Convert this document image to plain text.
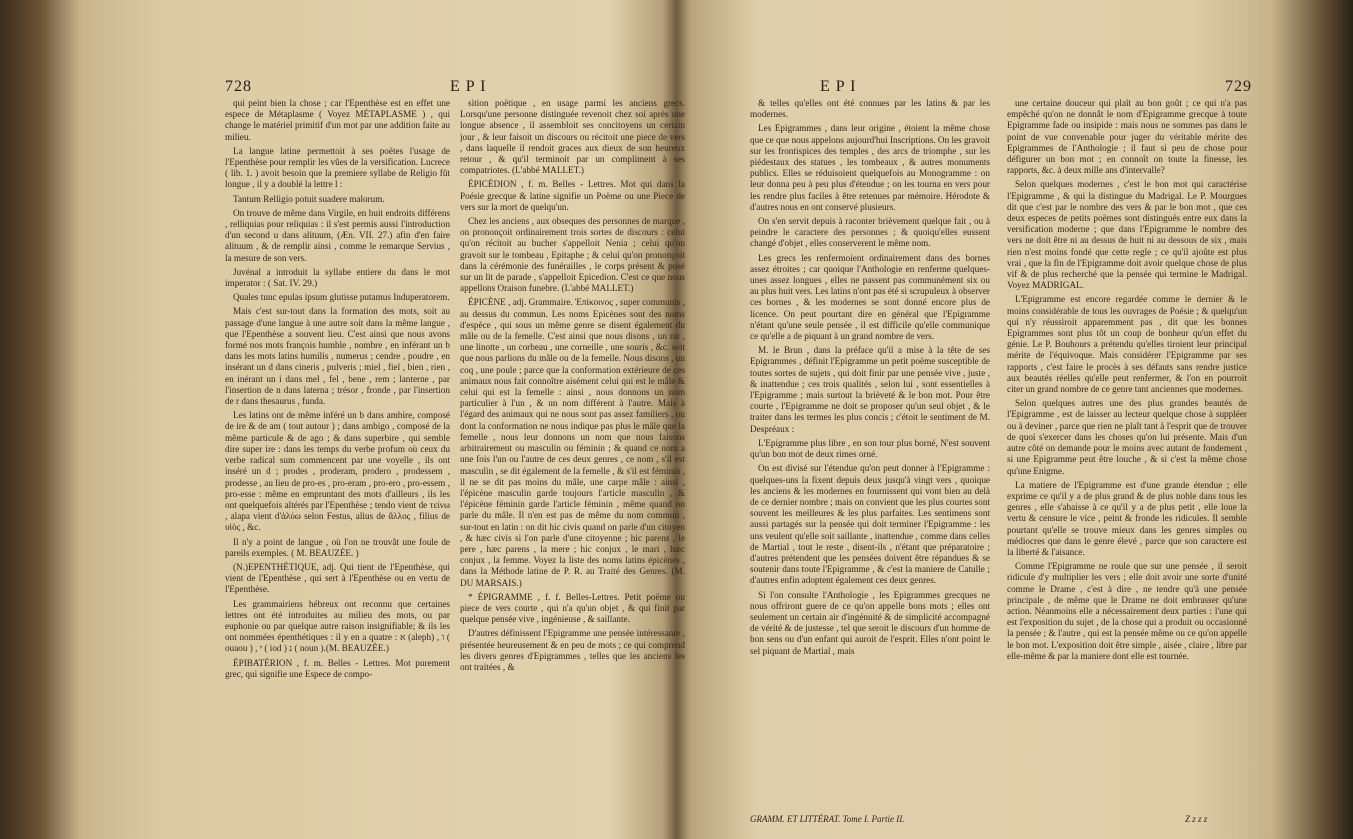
728	E P I

qui peint bien la chose ; car l'Epenthèse est en effet une espece de Métaplasme ( Voyez MÉTAPLASME ) , qui change le matériel primitif d'un mot par une addition faite au milieu.

La langue latine permettoit à ses poëtes l'usage de l'Epenthèse pour remplir les vûes de la versification. Lucrece ( lib. 1. ) avoit besoin que la premiere syllabe de Religio fût longue , il y a doublé la lettre l :

Tantum Relligio potuit suadere malorum.

On trouve de même dans Virgile, en huit endroits différens , relliquias pour reliquias : il s'est permis aussi l'introduction d'un second u dans alituum, (Æn. VII. 27.) afin d'en faire alituum , & de remplir ainsi , comme le remarque Servius , la mesure de son vers.

Juvénal a introduit la syllabe entiere du dans le mot imperator : ( Sat. IV. 29.)

Quales tunc epulas ipsum glutisse putamus Induperatorem.

Mais c'est sur-tout dans la formation des mots, soit au passage d'une langue à une autre soit dans la même langue , que l'Epenthèse a souvent lieu. C'est ainsi que nous avons formé nos mots françois humble , nombre , en inférant un b dans les mots latins humilis , numerus ; cendre , poudre , en insérant un d dans cineris , pulveris ; miel , fiel , bien , rien , en inérant un i dans mel , fel , bene , rem ; lanterne , par l'insertion de n dans laterna ; trésor , fronde , par l'insertion de r dans thesaurus , funda.

Les latins ont de même inféré un b dans ambire, composé de ire & de am ( tout autour ) ; dans ambigo , composé de la même particule & de ago ; & dans superbire , qui semble dire super ire : dans les temps du verbe profum où ceux du verbe radical sum commencent par une voyelle , ils ont inséré un d ; prodes , proderam, prodero , prodessem , prodesse , au lieu de pro-es , pro-eram , pro-ero , pro-essem , pro-esse : même en empruntant des mots d'ailleurs , ils les ont quelquefois altérés par l'Epenthèse ; tendo vient de τείνω , alapa vient d'ἀλύω selon Festus, alius de ἄλλος , filius de υἱὸς , &c.

Il n'y a point de langue , où l'on ne trouvât une foule de pareils exemples. ( M. BEAUZÉE. )

(N.)EPENTHÉTIQUE, adj. Qui tient de l'Epenthèse, qui vient de l'Epenthèse , qui sert à l'Epenthèse ou en vertu de l'Epenthèse.

Les grammairiens hébreux ont reconnu que certaines lettres ont été introduites au milieu des mots, ou par euphonie ou par quelque autre raison insignifiable; & ils les ont nommées épenthétiques : il y en a quatre : א (aleph) , ו ( ouaou ) , י ( iod ) נ ( noun ).(M. BEAUZÉE.)

ÉPIBATÉRION , f. m. Belles - Lettres. Mot purement grec, qui signifie une Espece de compo-

sition poëtique , en usage parmi les anciens grecs. Lorsqu'une personne distinguée revenoit chez soi après une longue absence , il assembloit ses concitoyens un certain jour , & leur faisoit un discours ou récitoit une piece de vers , dans laquelle il rendoit graces aux dieux de son heureux retour , & qu'il terminoit par un compliment à ses compatriotes. (L'abbé MALLET.)

ÉPICÉDION , f. m. Belles - Lettres. Mot qui dans la Poésie grecque & latine signifie un Poëme ou une Piece de vers sur la mort de quelqu'un.

Chez les anciens , aux obseques des personnes de marque , on prononçoit ordinairement trois sortes de discours : celui qu'on récitoit au bucher s'appelloit Nenia ; celui qu'on gravoit sur le tombeau , Epitaphe ; & celui qu'on prononçoit dans la cérémonie des funérailles , le corps présent & posé sur un lit de parade , s'appelloit Epicedion. C'est ce que nous appellons Oraison funebre. (L'abbé MALLET.)

ÉPICÈNE , adj. Grammaire. Ἐπίκοινος , super communis , au dessus du commun. Les noms Epicènes sont des noms d'espèce , qui sous un même genre se disent également du mâle ou de la femelle. C'est ainsi que nous disons , un rat , une linotte , un corbeau , une corneille , une souris , &c. soit que nous parlions du mâle ou de la femelle. Nous disons , un coq , une poule ; parce que la conformation extérieure de ces animaux nous fait connoître aisément celui qui est le mâle & celui qui est la femelle : ainsi , nous donnons un nom particulier à l'un , & un nom différent à l'autre. Mais à l'égard des animaux qui ne nous sont pas assez familiers , ou dont la conformation ne nous indique pas plus le mâle que la femelle , nous leur donnons un nom que nous faisons arbitrairement ou masculin ou féminin ; & quand ce nom a une fois l'un ou l'autre de ces deux genres , ce nom , s'il est masculin , se dit également de la femelle , & s'il est féminin , il ne se dit pas moins du mâle, une carpe mâle : ainsi , l'épicène masculin garde toujours l'article masculin , & l'épicène féminin garde l'article féminin , même quand on parle du mâle. Il n'en est pas de même du nom commun , sur-tout en latin : on dit hic civis quand on parle d'un citoyen , & hæc civis si l'on parle d'une citoyenne ; hic parens , le pere , hæc parens , la mere ; hic conjux , le mari , hæc conjux , la femme. Voyez la liste des noms latins épicènes , dans la Méthode latine de P. R. au Traité des Genres. (M. DU MARSAIS.)

* ÉPIGRAMME , f. f. Belles-Lettres. Petit poëme ou piece de vers courte , qui n'a qu'un objet , & qui finit par quelque pensée vive , ingénieuse , & saillante.

D'autres définissent l'Epigramme une pensée intéressante , présentée heureusement & en peu de mots ; ce qui comprend les divers genres d'Epigrammes , telles que les anciens les ont traitées , &

E P I	729

& telles qu'elles ont été connues par les latins & par les modernes.

Les Epigrammes , dans leur origine , étoient la même chose que ce que nous appelons aujourd'hui Inscriptions. On les gravoit sur les frontispices des temples , des arcs de triomphe , sur les piédestaux des statues , les tombeaux , & autres monuments publics. Elles se réduisoient quelquefois au Monogramme : on leur donna peu à peu plus d'étendue ; on les tourna en vers pour les rendre plus faciles à être retenues par mémoire. Hérodote & d'autres nous en ont conservé plusieurs.

On s'en servit depuis à raconter brièvement quelque fait , ou à peindre le caractere des personnes ; & quoiqu'elles eussent changé d'objet , elles conserverent le même nom.

Les grecs les renfermoient ordinairement dans des bornes assez étroites ; car quoique l'Anthologie en renferme quelques-unes assez longues , elles ne passent pas communément six ou au plus huit vers. Les latins n'ont pas été si scrupuleux à observer ces bornes , & les modernes se sont donné encore plus de licence. On peut pourtant dire en général que l'Epigramme n'étant qu'une seule pensée , il est difficile qu'elle communique ce qu'elle a de piquant à un grand nombre de vers.

M. le Brun , dans la préface qu'il a mise à la tête de ses Epigrammes , définit l'Epigramme un petit poëme susceptible de toutes sortes de sujets , qui doit finir par une pensée vive , juste , & inattendue ; ces trois qualités , selon lui , sont essentielles à l'Epigramme ; mais surtout la brièveté & le bon mot. Pour être courte , l'Epigramme ne doit se proposer qu'un seul objet , & le traiter dans les termes les plus concis ; c'étoit le sentiment de M. Despréaux :

L'Epigramme plus libre , en son tour plus borné, N'est souvent qu'un bon mot de deux rimes orné.

On est divisé sur l'étendue qu'on peut donner à l'Epigramme : quelques-uns la fixent depuis deux jusqu'à vingt vers , quoique les anciens & les modernes en fournissent qui vont bien au delà de ce dernier nombre ; mais on convient que les plus courtes sont souvent les meilleures & les plus parfaites. Les sentimens sont aussi partagés sur la pensée qui doit terminer l'Epigramme : les uns veulent qu'elle soit saillante , inattendue , comme dans celles de Martial , tout le reste , disent-ils , n'étant que préparatoire ; d'autres prétendent que les pensées doivent être répandues & se soutenir dans toute l'Epigramme , & c'est la maniere de Catulle ; d'autres enfin adoptent également ces deux genres.

Si l'on consulte l'Anthologie , les Epigrammes grecques ne nous offriront guere de ce qu'on appelle bons mots ; elles ont seulement un certain air d'ingénuité & de simplicité accompagné de vérité & de justesse , tel que seroit le discours d'un homme de bon sens ou d'un enfant qui auroit de l'esprit. Elles n'ont point le sel piquant de Martial , mais

une certaine douceur qui plaît au bon goût ; ce qui n'a pas empêché qu'on ne donnât le nom d'Epigramme grecque à toute Epigramme fade ou insipide : mais nous ne sommes pas dans le point de vue convenable pour juger du véritable mérite des Epigrammes de l'Anthologie ; il faut si peu de chose pour défigurer un bon mot ; en connoît on toute la finesse, les rapports, &c. à deux mille ans d'intervalle?

Selon quelques modernes , c'est le bon mot qui caractérise l'Epigramme , & qui la distingue du Madrigal. Le P. Mourgues dit que c'est par le nombre des vers & par le bon mot , que ces deux especes de petits poëmes sont distingués entre eux dans la versification moderne ; que dans l'Epigramme le nombre des vers ne doit être ni au dessus de huit ni au dessous de six , mais rien n'est moins fondé que cette regle ; ce qu'il ajoûte est plus vrai , que la fin de l'Epigramme doit avoir quelque chose de plus vif & de plus recherché que la pensée qui termine le Madrigal. Voyez MADRIGAL.

L'Epigramme est encore regardée comme le dernier & le moins considérable de tous les ouvrages de Poésie ; & quelqu'un qui n'y réussiroit apparemment pas , dit que les bonnes Epigrammes sont plus tôt un coup de bonheur qu'un effet du génie. Le P. Bouhours a prétendu qu'elles tiroient leur principal mérite de l'équivoque. Mais considérer l'Epigramme par ses rapports , c'est faire le procès à ses défauts sans rendre justice aux beautés réelles qu'elle peut renfermer, & l'on en pourroit citer un grand nombre de ce genre tant anciennes que modernes.

Selon quelques autres une des plus grandes beautés de l'Epigramme , est de laisser au lecteur quelque chose à suppléer ou à deviner , parce que rien ne plaît tant à l'esprit que de trouver de quoi s'exercer dans les choses qu'on lui présente. Mais d'un autre côté on demande pour le moins avec autant de fondement , si une Epigramme peut être louche , & si c'est la même chose qu'une Enigme.

La matiere de l'Epigramme est d'une grande étendue ; elle exprime ce qu'il y a de plus grand & de plus noble dans tous les genres , elle s'abaisse à ce qu'il y a de plus petit , elle loue la vertu & censure le vice , peint & fronde les ridicules. Il semble pourtant qu'elle se trouve mieux dans les genres simples ou médiocres que dans le genre élevé , parce que son caractere est la liberté & l'aisance.

Comme l'Epigramme ne roule que sur une pensée , il seroit ridicule d'y multiplier les vers ; elle doit avoir une sorte d'unité comme le Drame , c'est à dire , ne tendre qu'à une pensée principale , de même que le Drame ne doit embrasser qu'une action. Néanmoins elle a nécessairement deux parties : l'une qui est l'exposition du sujet , de la chose qui a produit ou occasionné la pensée ; & l'autre , qui est la pensée même ou ce qu'on appelle le bon mot. L'exposition doit être simple , aisée , claire , libre par elle-même & par la maniere dont elle est tournée.

GRAMM. ET LITTÉRAT. Tome I. Partie II.	Z z z z
